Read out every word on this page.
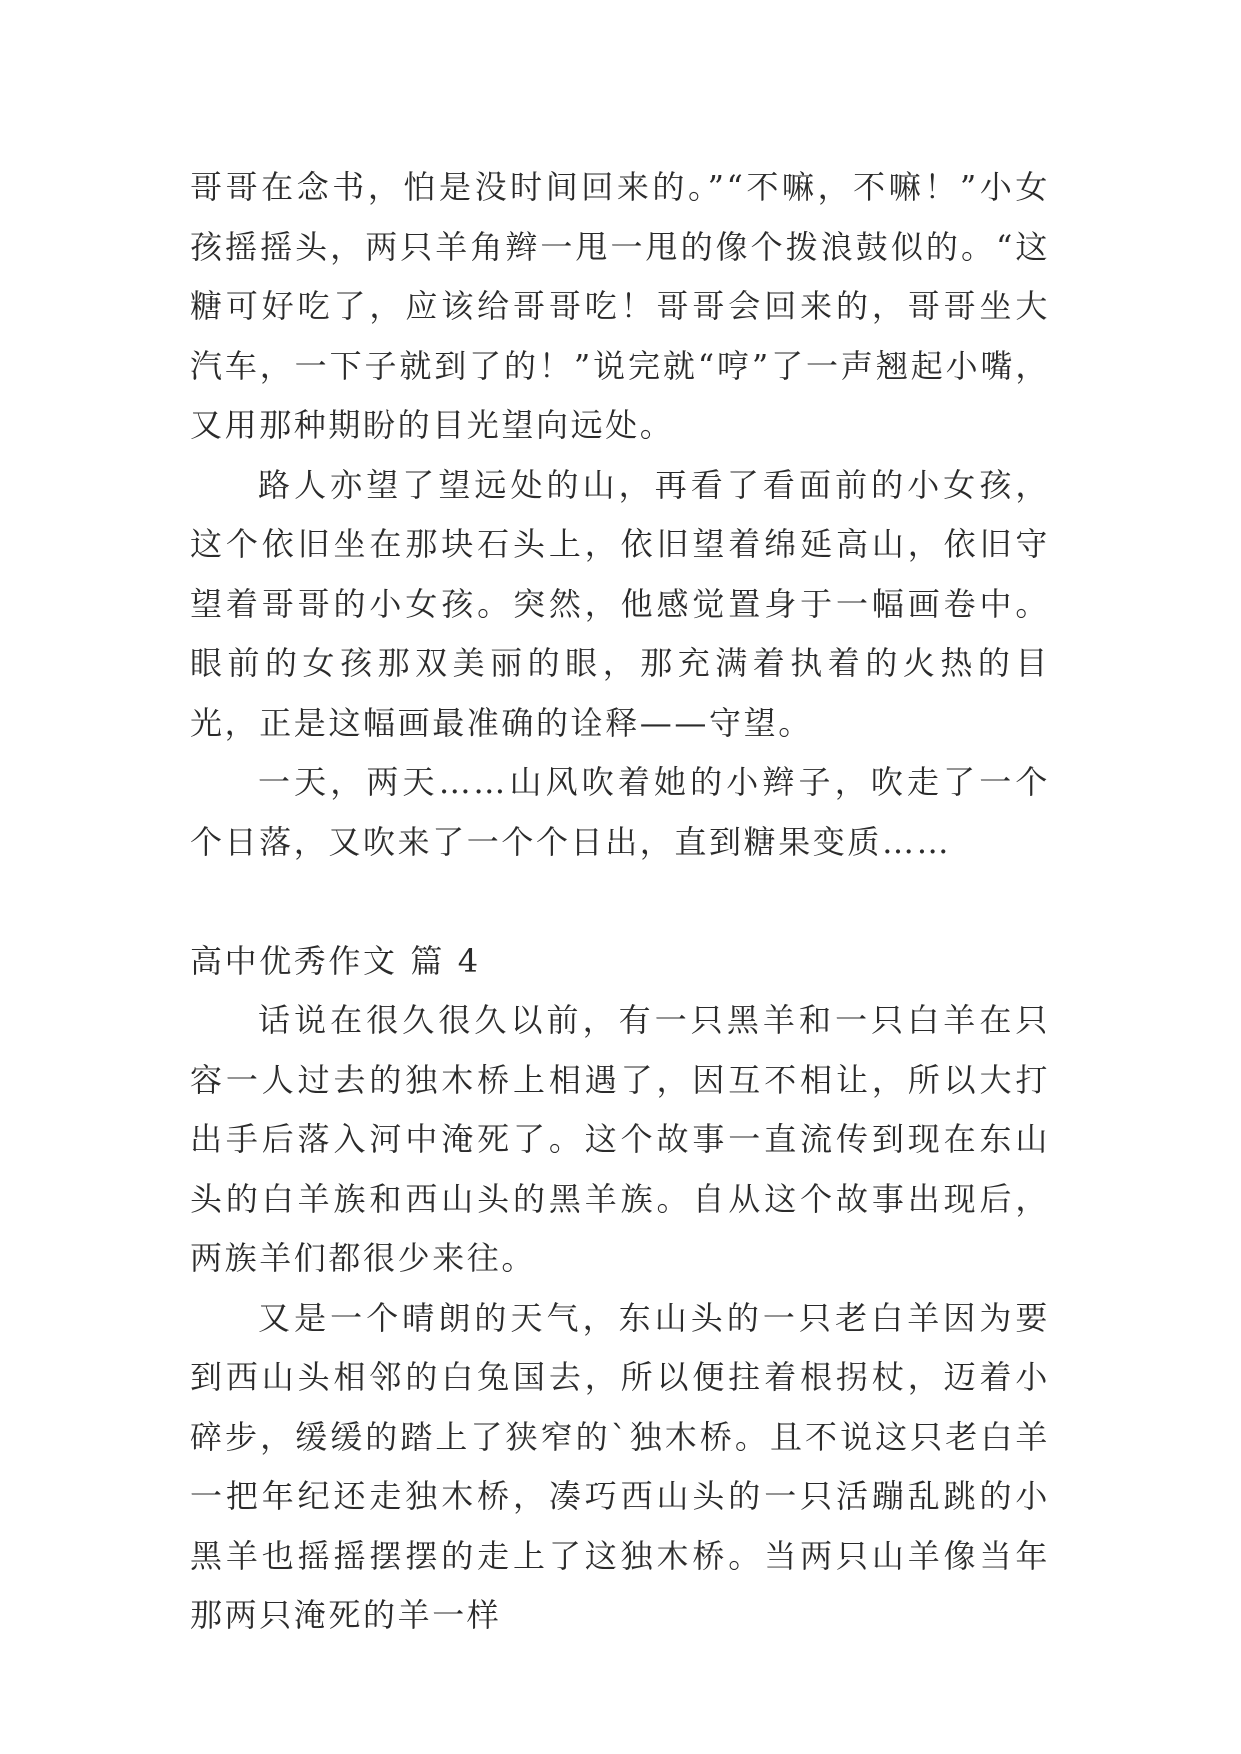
哥哥在念书，怕是没时间回来的。”“不嘛，不嘛！”小女孩摇摇头，两只羊角辫一甩一甩的像个拨浪鼓似的。“这糖可好吃了，应该给哥哥吃！哥哥会回来的，哥哥坐大汽车，一下子就到了的！”说完就“哼”了一声翘起小嘴，又用那种期盼的目光望向远处。

路人亦望了望远处的山，再看了看面前的小女孩，这个依旧坐在那块石头上，依旧望着绵延高山，依旧守望着哥哥的小女孩。突然，他感觉置身于一幅画卷中。眼前的女孩那双美丽的眼，那充满着执着的火热的目光，正是这幅画最准确的诠释——守望。

一天，两天……山风吹着她的小辫子，吹走了一个个日落，又吹来了一个个日出，直到糖果变质……

高中优秀作文 篇 4

话说在很久很久以前，有一只黑羊和一只白羊在只容一人过去的独木桥上相遇了，因互不相让，所以大打出手后落入河中淹死了。这个故事一直流传到现在东山头的白羊族和西山头的黑羊族。自从这个故事出现后，两族羊们都很少来往。

又是一个晴朗的天气，东山头的一只老白羊因为要到西山头相邻的白兔国去，所以便拄着根拐杖，迈着小碎步，缓缓的踏上了狭窄的`独木桥。且不说这只老白羊一把年纪还走独木桥，凑巧西山头的一只活蹦乱跳的小黑羊也摇摇摆摆的走上了这独木桥。当两只山羊像当年那两只淹死的羊一样
